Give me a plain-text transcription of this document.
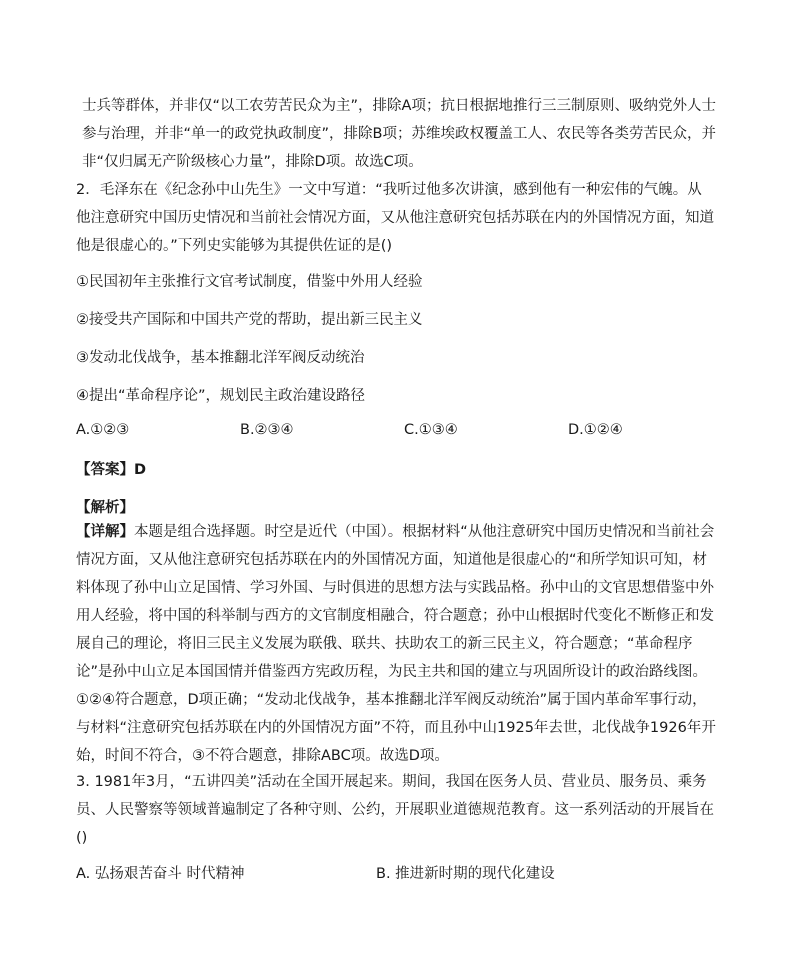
士兵等群体，并非仅“以工农劳苦民众为主”，排除A项；抗日根据地推行三三制原则、吸纳党外人士参与治理，并非“单一的政党执政制度”，排除B项；苏维埃政权覆盖工人、农民等各类劳苦民众，并非“仅归属无产阶级核心力量”，排除D项。故选C项。

2．毛泽东在《纪念孙中山先生》一文中写道：“我听过他多次讲演，感到他有一种宏伟的气魄。从他注意研究中国历史情况和当前社会情况方面，又从他注意研究包括苏联在内的外国情况方面，知道他是很虚心的。”下列史实能够为其提供佐证的是()

①民国初年主张推行文官考试制度，借鉴中外用人经验
②接受共产国际和中国共产党的帮助，提出新三民主义
③发动北伐战争，基本推翻北洋军阀反动统治
④提出“革命程序论”，规划民主政治建设路径
A.①②③	B.②③④	C.①③④	D.①②④
【答案】D
【解析】

【详解】本题是组合选择题。时空是近代（中国）。根据材料“从他注意研究中国历史情况和当前社会情况方面，又从他注意研究包括苏联在内的外国情况方面，知道他是很虚心的“和所学知识可知，材料体现了孙中山立足国情、学习外国、与时俱进的思想方法与实践品格。孙中山的文官思想借鉴中外用人经验，将中国的科举制与西方的文官制度相融合，符合题意；孙中山根据时代变化不断修正和发展自己的理论，将旧三民主义发展为联俄、联共、扶助农工的新三民主义，符合题意；“革命程序论”是孙中山立足本国国情并借鉴西方宪政历程，为民主共和国的建立与巩固所设计的政治路线图。①②④符合题意，D项正确；“发动北伐战争，基本推翻北洋军阀反动统治”属于国内革命军事行动，与材料“注意研究包括苏联在内的外国情况方面”不符，而且孙中山1925年去世，北伐战争1926年开始，时间不符合，③不符合题意，排除ABC项。故选D项。

3. 1981年3月，“五讲四美”活动在全国开展起来。期间，我国在医务人员、营业员、服务员、乘务员、人民警察等领域普遍制定了各种守则、公约，开展职业道德规范教育。这一系列活动的开展旨在()

A. 弘扬艰苦奋斗 时代精神	B. 推进新时期的现代化建设
